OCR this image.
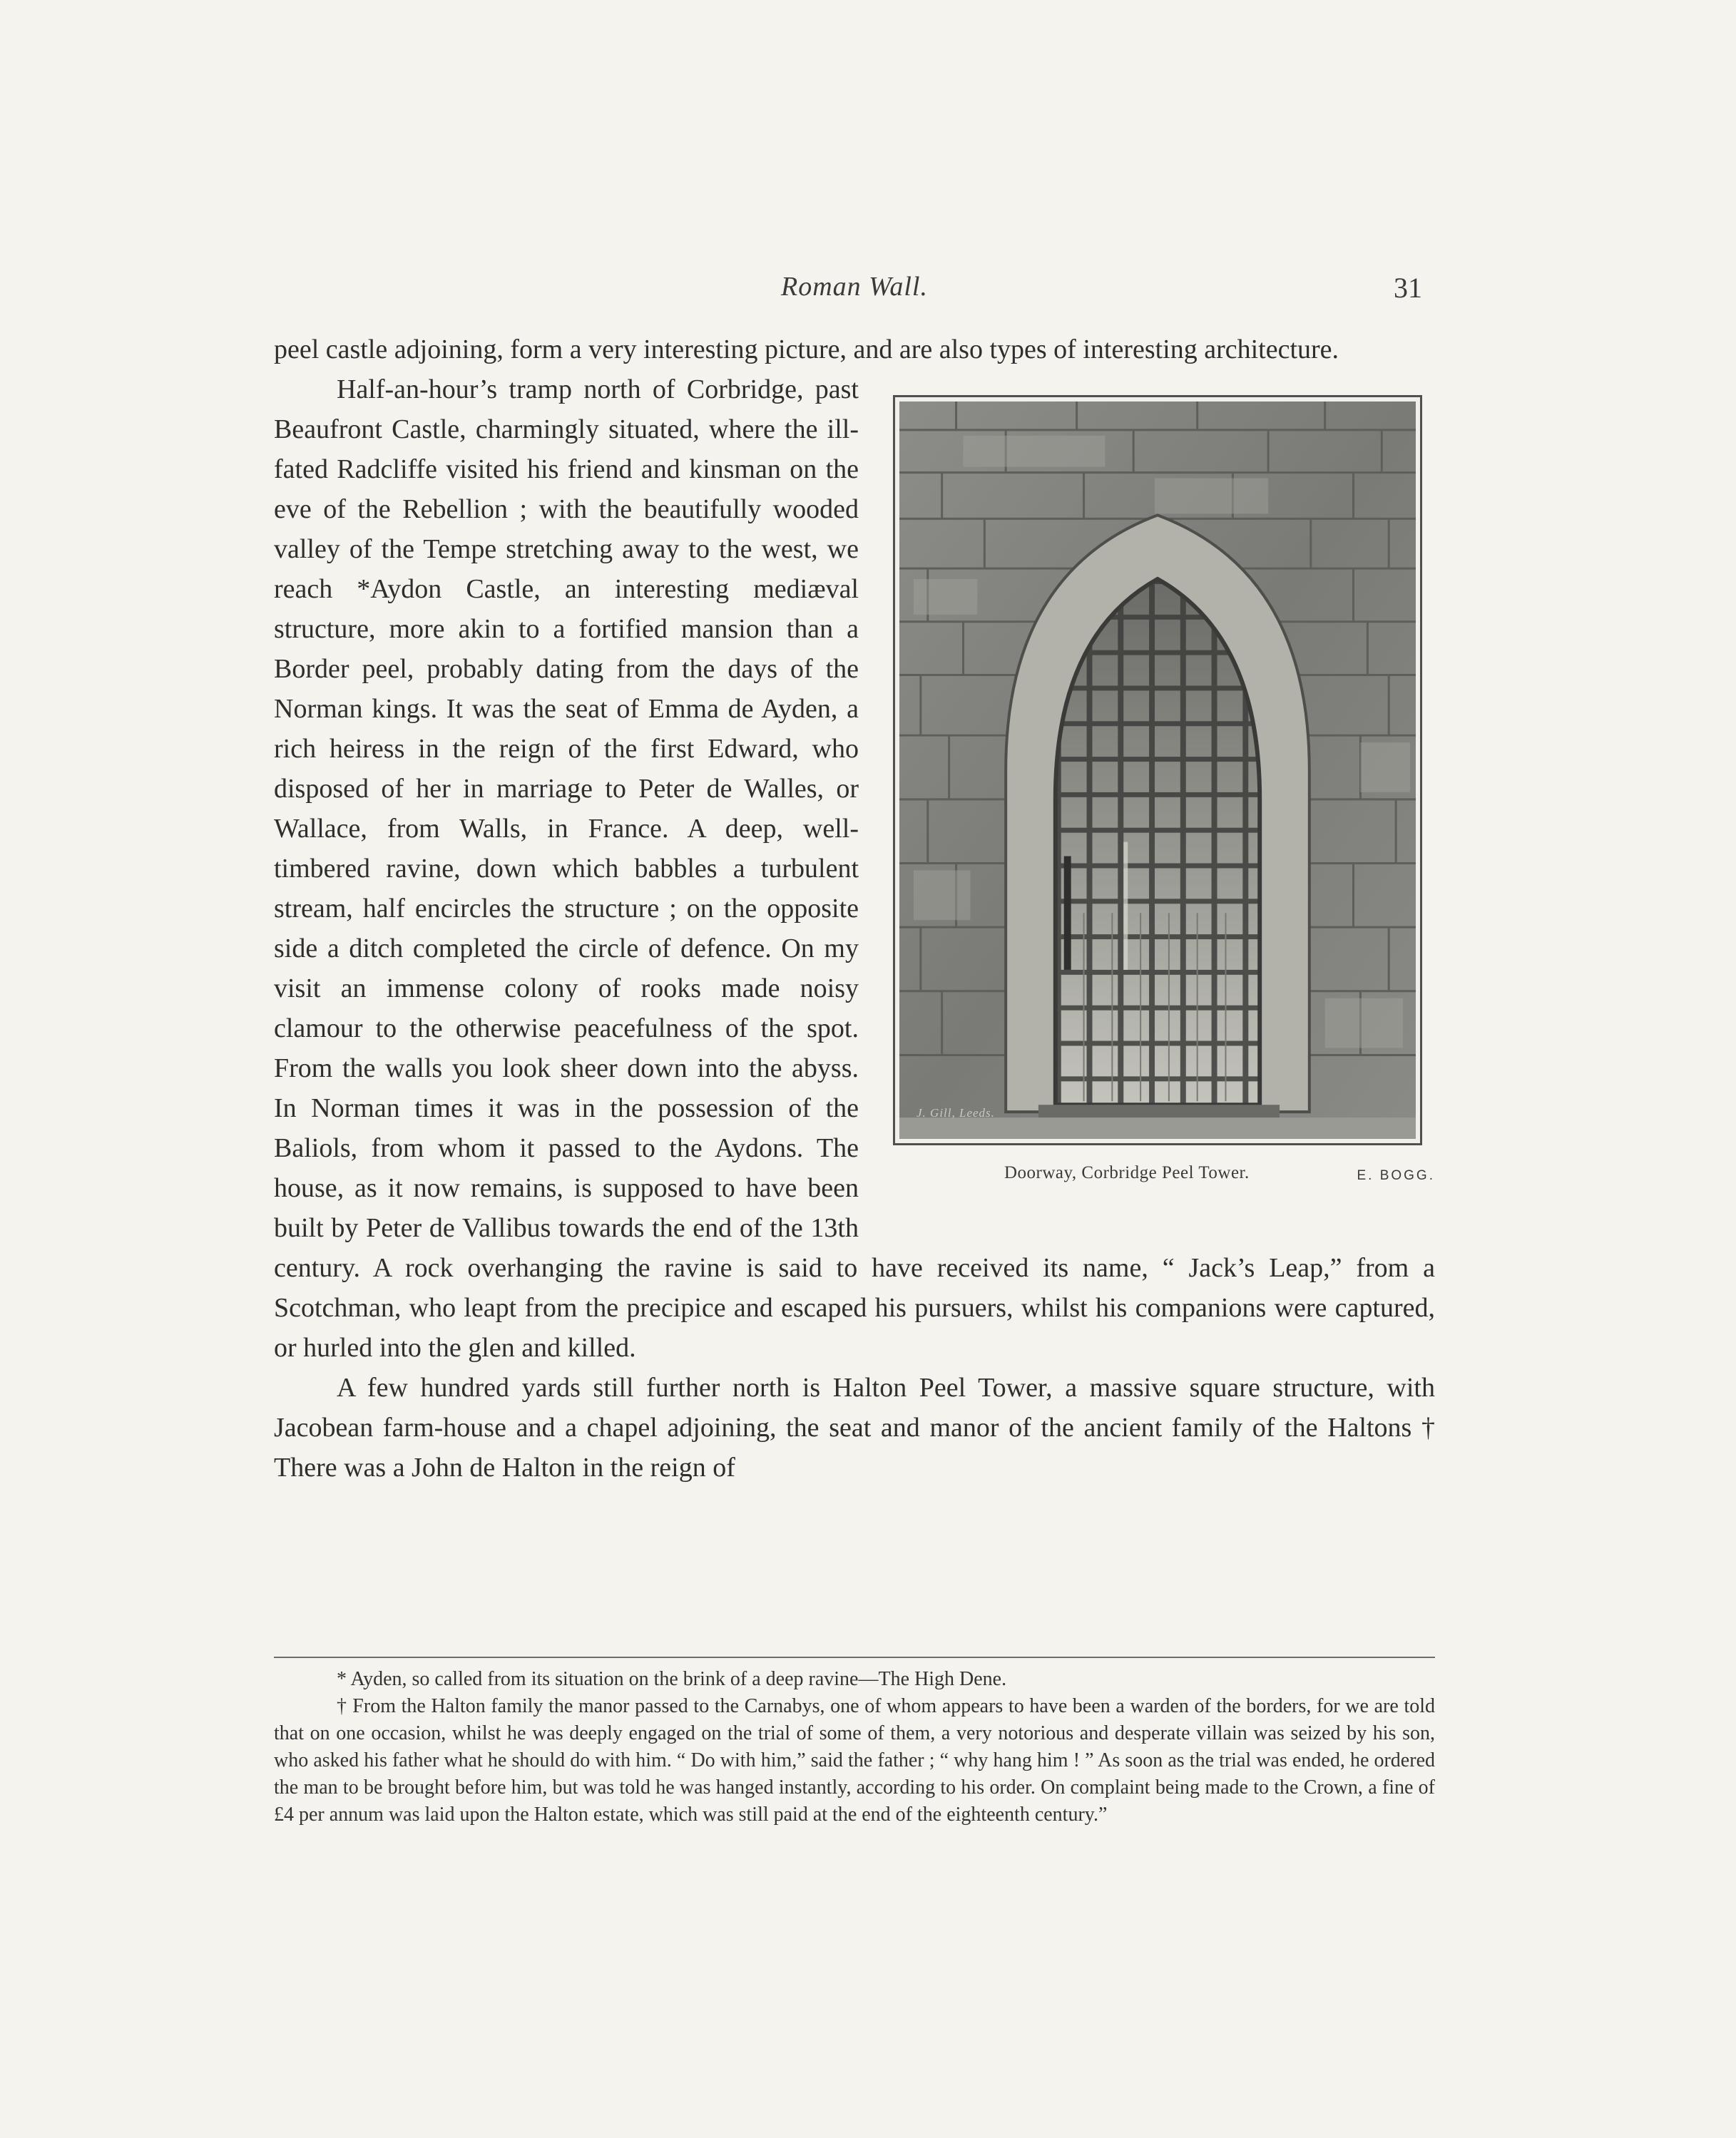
Roman Wall.	31

peel castle adjoining, form a very interesting picture, and are also types of interesting architecture.

J. Gill, Leeds.
Doorway, Corbridge Peel Tower.	E. BOGG.

Half-an-hour’s tramp north of Corbridge, past Beaufront Castle, charmingly situated, where the ill-fated Radcliffe visited his friend and kinsman on the eve of the Rebellion ; with the beautifully wooded valley of the Tempe stretching away to the west, we reach *Aydon Castle, an interesting mediæval structure, more akin to a fortified mansion than a Border peel, probably dating from the days of the Norman kings. It was the seat of Emma de Ayden, a rich heiress in the reign of the first Edward, who disposed of her in marriage to Peter de Walles, or Wallace, from Walls, in France. A deep, well-timbered ravine, down which babbles a turbulent stream, half encircles the structure ; on the opposite side a ditch completed the circle of defence. On my visit an immense colony of rooks made noisy clamour to the otherwise peacefulness of the spot. From the walls you look sheer down into the abyss. In Norman times it was in the possession of the Baliols, from whom it passed to the Aydons. The house, as it now remains, is supposed to have been built by Peter de Vallibus towards the end of the 13th century. A rock overhanging the ravine is said to have received its name, “ Jack’s Leap,” from a Scotchman, who leapt from the precipice and escaped his pursuers, whilst his companions were captured, or hurled into the glen and killed.

A few hundred yards still further north is Halton Peel Tower, a massive square structure, with Jacobean farm-house and a chapel adjoining, the seat and manor of the ancient family of the Haltons † There was a John de Halton in the reign of

* Ayden, so called from its situation on the brink of a deep ravine—The High Dene.

† From the Halton family the manor passed to the Carnabys, one of whom appears to have been a warden of the borders, for we are told that on one occasion, whilst he was deeply engaged on the trial of some of them, a very notorious and desperate villain was seized by his son, who asked his father what he should do with him. “ Do with him,” said the father ; “ why hang him ! ” As soon as the trial was ended, he ordered the man to be brought before him, but was told he was hanged instantly, according to his order. On complaint being made to the Crown, a fine of £4 per annum was laid upon the Halton estate, which was still paid at the end of the eighteenth century.”
